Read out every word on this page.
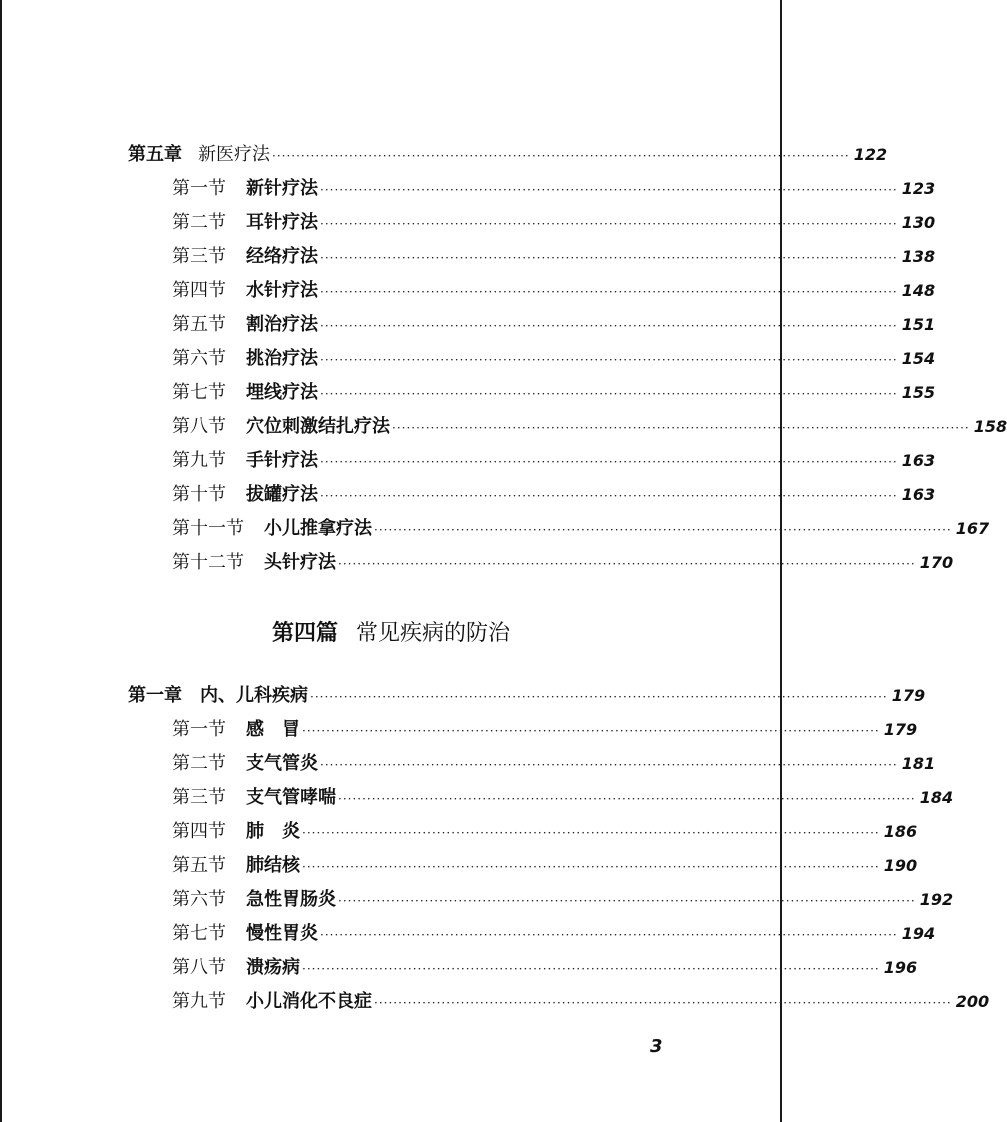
第五章 新医疗法 ························································································································ 122
第一节 新针疗法 ························································································································ 123
第二节 耳针疗法 ························································································································ 130
第三节 经络疗法 ························································································································ 138
第四节 水针疗法 ························································································································ 148
第五节 割治疗法 ························································································································ 151
第六节 挑治疗法 ························································································································ 154
第七节 埋线疗法 ························································································································ 155
第八节 穴位刺激结扎疗法 ························································································································ 158
第九节 手针疗法 ························································································································ 163
第十节 拔罐疗法 ························································································································ 163
第十一节 小儿推拿疗法 ························································································································ 167
第十二节 头针疗法 ························································································································ 170
第四篇 常见疾病的防治
第一章 内、儿科疾病 ························································································································ 179
第一节 感　冒 ························································································································ 179
第二节 支气管炎 ························································································································ 181
第三节 支气管哮喘 ························································································································ 184
第四节 肺　炎 ························································································································ 186
第五节 肺结核 ························································································································ 190
第六节 急性胃肠炎 ························································································································ 192
第七节 慢性胃炎 ························································································································ 194
第八节 溃疡病 ························································································································ 196
第九节 小儿消化不良症 ························································································································ 200
3
